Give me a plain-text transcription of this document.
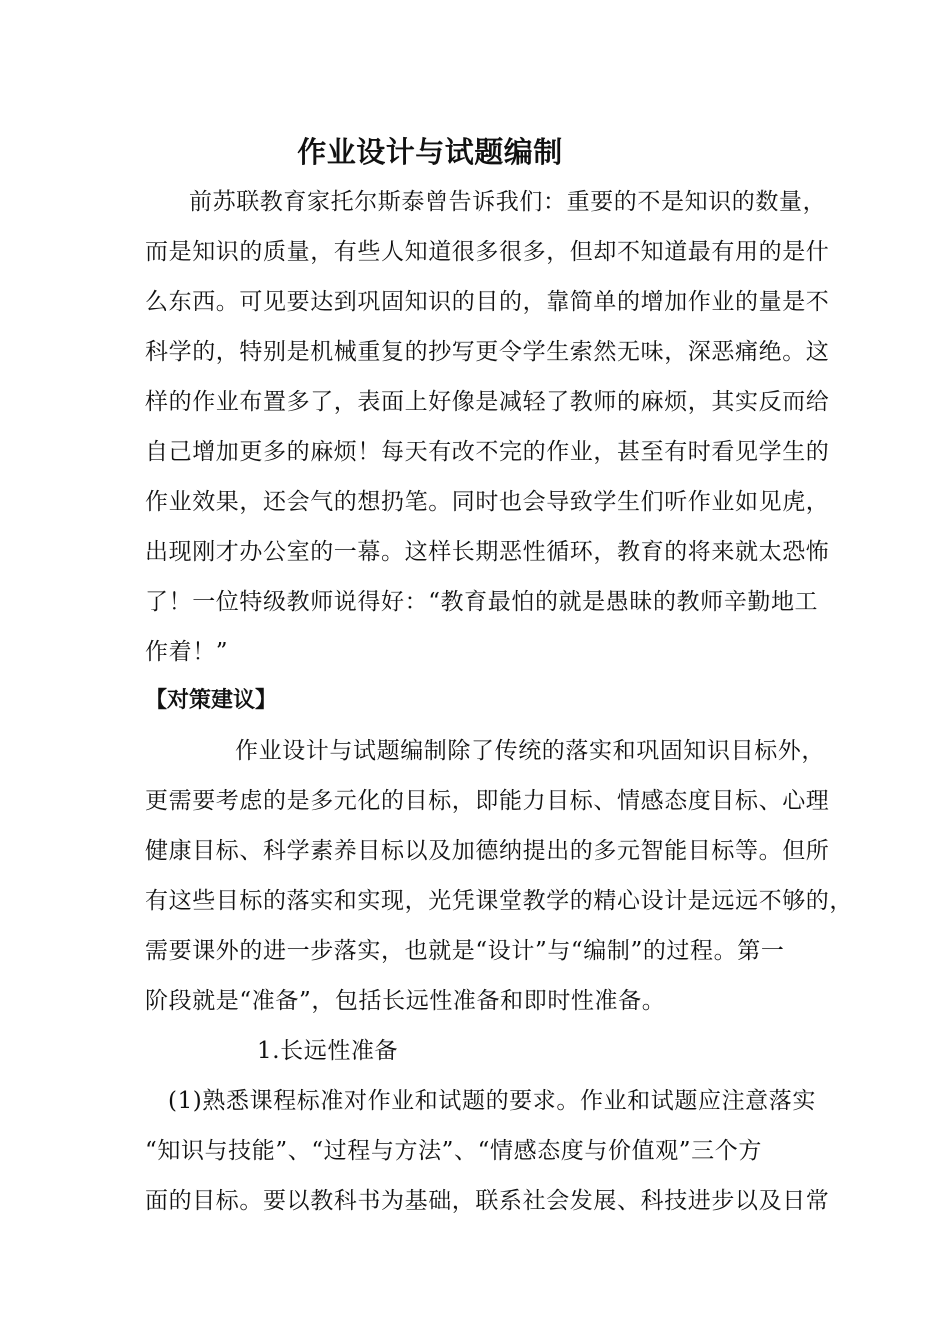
作业设计与试题编制

前苏联教育家托尔斯泰曾告诉我们：重要的不是知识的数量，

而是知识的质量，有些人知道很多很多，但却不知道最有用的是什

么东西。可见要达到巩固知识的目的，靠简单的增加作业的量是不

科学的，特别是机械重复的抄写更令学生索然无味，深恶痛绝。这

样的作业布置多了，表面上好像是减轻了教师的麻烦，其实反而给

自己增加更多的麻烦！每天有改不完的作业，甚至有时看见学生的

作业效果，还会气的想扔笔。同时也会导致学生们听作业如见虎，

出现刚才办公室的一幕。这样长期恶性循环，教育的将来就太恐怖

了！一位特级教师说得好：“教育最怕的就是愚昧的教师辛勤地工

作着！”

【对策建议】

作业设计与试题编制除了传统的落实和巩固知识目标外，

更需要考虑的是多元化的目标，即能力目标、情感态度目标、心理

健康目标、科学素养目标以及加德纳提出的多元智能目标等。但所

有这些目标的落实和实现，光凭课堂教学的精心设计是远远不够的，

需要课外的进一步落实，也就是“设计”与“编制”的过程。第一

阶段就是“准备”，包括长远性准备和即时性准备。

1.长远性准备

(1)熟悉课程标准对作业和试题的要求。作业和试题应注意落实

“知识与技能”、“过程与方法”、“情感态度与价值观”三个方

面的目标。要以教科书为基础，联系社会发展、科技进步以及日常
